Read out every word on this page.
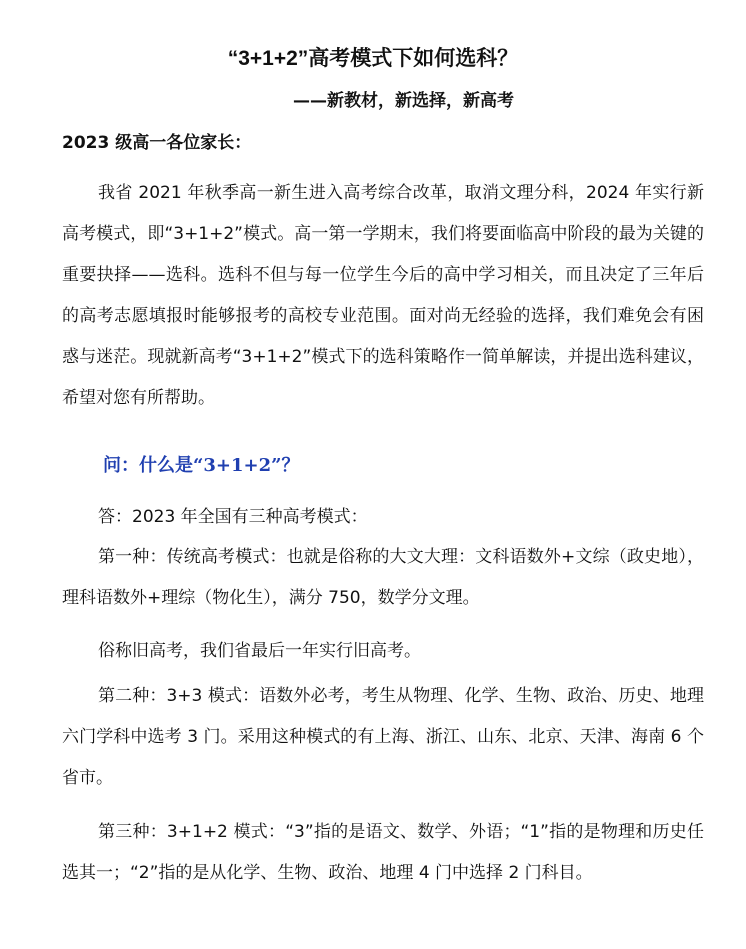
“3+1+2”高考模式下如何选科？
——新教材，新选择，新高考
2023 级高一各位家长：
我省 2021 年秋季高一新生进入高考综合改革，取消文理分科，2024 年实行新高考模式，即“3+1+2”模式。高一第一学期末，我们将要面临高中阶段的最为关键的重要抉择——选科。选科不但与每一位学生今后的高中学习相关，而且决定了三年后的高考志愿填报时能够报考的高校专业范围。面对尚无经验的选择，我们难免会有困惑与迷茫。现就新高考“3+1+2”模式下的选科策略作一简单解读，并提出选科建议，希望对您有所帮助。
问：什么是“3+1+2”？
答：2023 年全国有三种高考模式：
第一种：传统高考模式：也就是俗称的大文大理：文科语数外+文综（政史地），理科语数外+理综（物化生），满分 750，数学分文理。
俗称旧高考，我们省最后一年实行旧高考。
第二种：3+3 模式：语数外必考，考生从物理、化学、生物、政治、历史、地理六门学科中选考 3 门。采用这种模式的有上海、浙江、山东、北京、天津、海南 6 个省市。
第三种：3+1+2 模式：“3”指的是语文、数学、外语；“1”指的是物理和历史任选其一；“2”指的是从化学、生物、政治、地理 4 门中选择 2 门科目。
